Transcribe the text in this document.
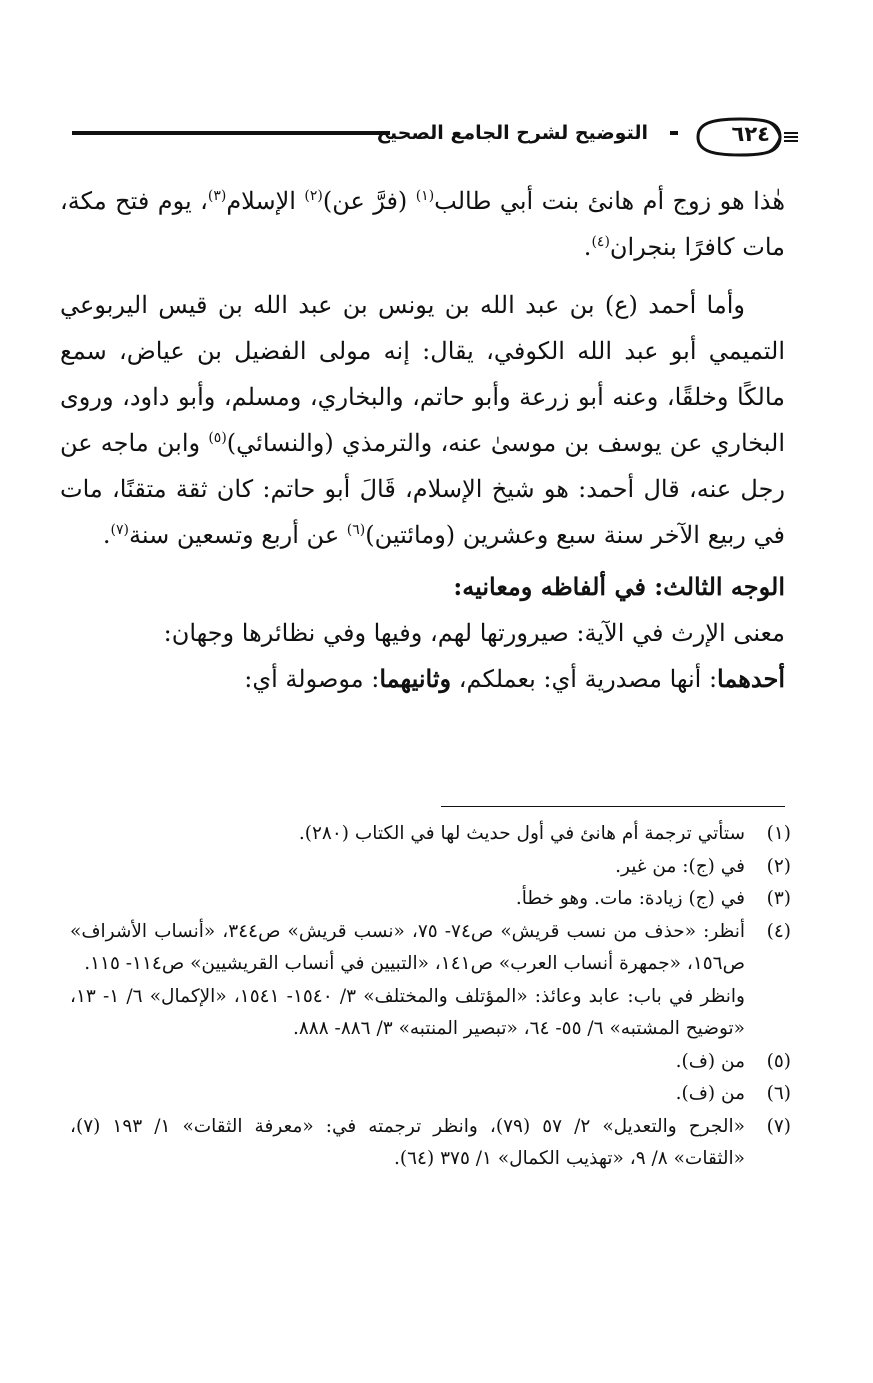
٦٢٤
التوضيح لشرح الجامع الصحيح

هٰذا هو زوج أم هانئ بنت أبي طالب$^{(١)}$ (فرَّ عن)$^{(٢)}$ الإسلام$^{(٣)}$، يوم فتح مكة، مات كافرًا بنجران$^{(٤)}$.

وأما أحمد (ع) بن عبد الله بن يونس بن عبد الله بن قيس اليربوعي التميمي أبو عبد الله الكوفي، يقال: إنه مولى الفضيل بن عياض، سمع مالكًا وخلقًا، وعنه أبو زرعة وأبو حاتم، والبخاري، ومسلم، وأبو داود، وروى البخاري عن يوسف بن موسىٰ عنه، والترمذي (والنسائي)$^{(٥)}$ وابن ماجه عن رجل عنه، قال أحمد: هو شيخ الإسلام، قَالَ أبو حاتم: كان ثقة متقنًا، مات في ربيع الآخر سنة سبع وعشرين (ومائتين)$^{(٦)}$ عن أربع وتسعين سنة$^{(٧)}$.

الوجه الثالث: في ألفاظه ومعانيه:

معنى الإرث في الآية: صيرورتها لهم، وفيها وفي نظائرها وجهان:

أحدهما: أنها مصدرية أي: بعملكم، وثانيهما: موصولة أي:

(١)
ستأتي ترجمة أم هانئ في أول حديث لها في الكتاب (٢٨٠).
(٢)
في (ج): من غير.
(٣)
في (ج) زيادة: مات. وهو خطأ.
(٤)
أنظر: «حذف من نسب قريش» ص٧٤- ٧٥، «نسب قريش» ص٣٤٤، «أنساب الأشراف» ص١٥٦، «جمهرة أنساب العرب» ص١٤١، «التبيين في أنساب القريشيين» ص١١٤- ١١٥.
وانظر في باب: عابد وعائذ: «المؤتلف والمختلف» ٣/ ١٥٤٠- ١٥٤١، «الإكمال» ٦/ ١- ١٣، «توضيح المشتبه» ٦/ ٥٥- ٦٤، «تبصير المنتبه» ٣/ ٨٨٦- ٨٨٨.
(٥)
من (ف).
(٦)
من (ف).
(٧)
«الجرح والتعديل» ٢/ ٥٧ (٧٩)، وانظر ترجمته في: «معرفة الثقات» ١/ ١٩٣ (٧)، «الثقات» ٨/ ٩، «تهذيب الكمال» ١/ ٣٧٥ (٦٤).
